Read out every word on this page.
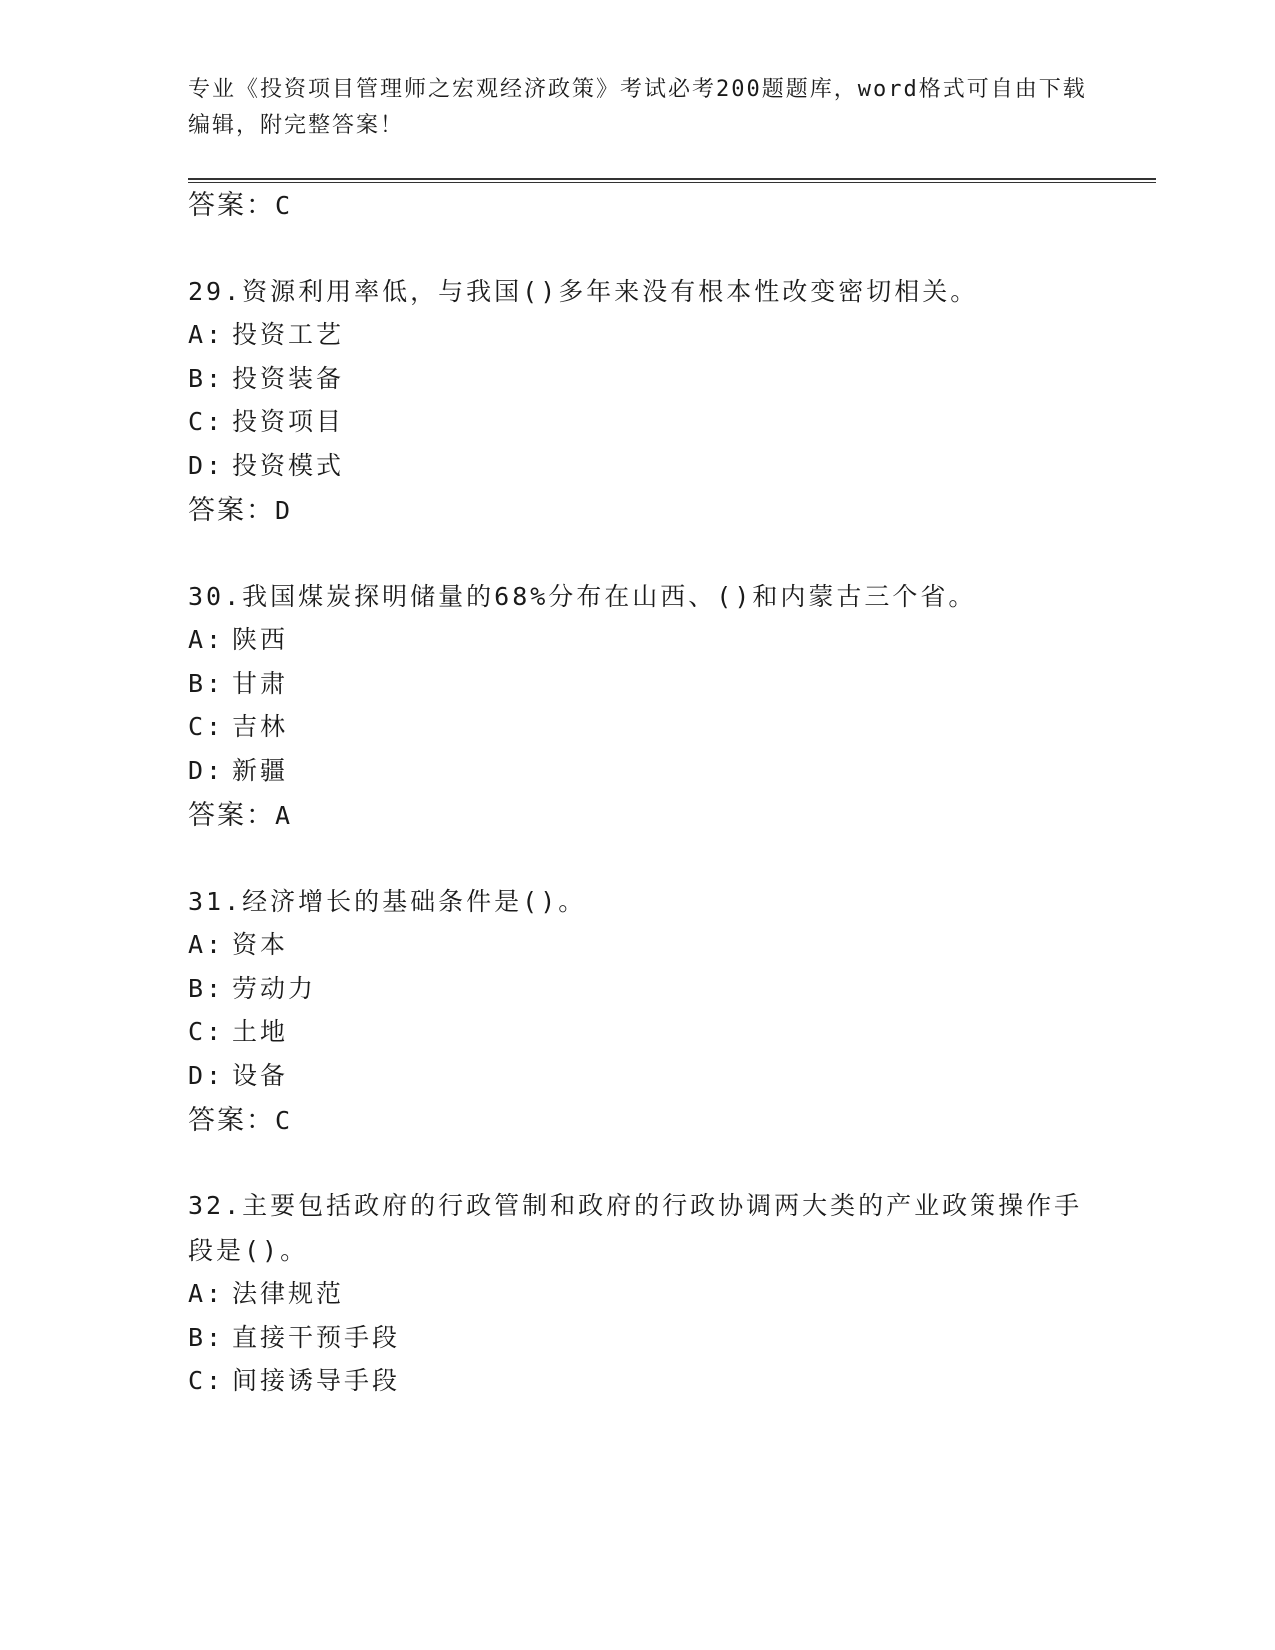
专业《投资项目管理师之宏观经济政策》考试必考200题题库，word格式可自由下载编辑，附完整答案！
答案：C
29.资源利用率低，与我国()多年来没有根本性改变密切相关。
A: 投资工艺
B: 投资装备
C: 投资项目
D: 投资模式
答案：D
30.我国煤炭探明储量的68%分布在山西、()和内蒙古三个省。
A: 陕西
B: 甘肃
C: 吉林
D: 新疆
答案：A
31.经济增长的基础条件是()。
A: 资本
B: 劳动力
C: 土地
D: 设备
答案：C
32.主要包括政府的行政管制和政府的行政协调两大类的产业政策操作手段是()。
A: 法律规范
B: 直接干预手段
C: 间接诱导手段
